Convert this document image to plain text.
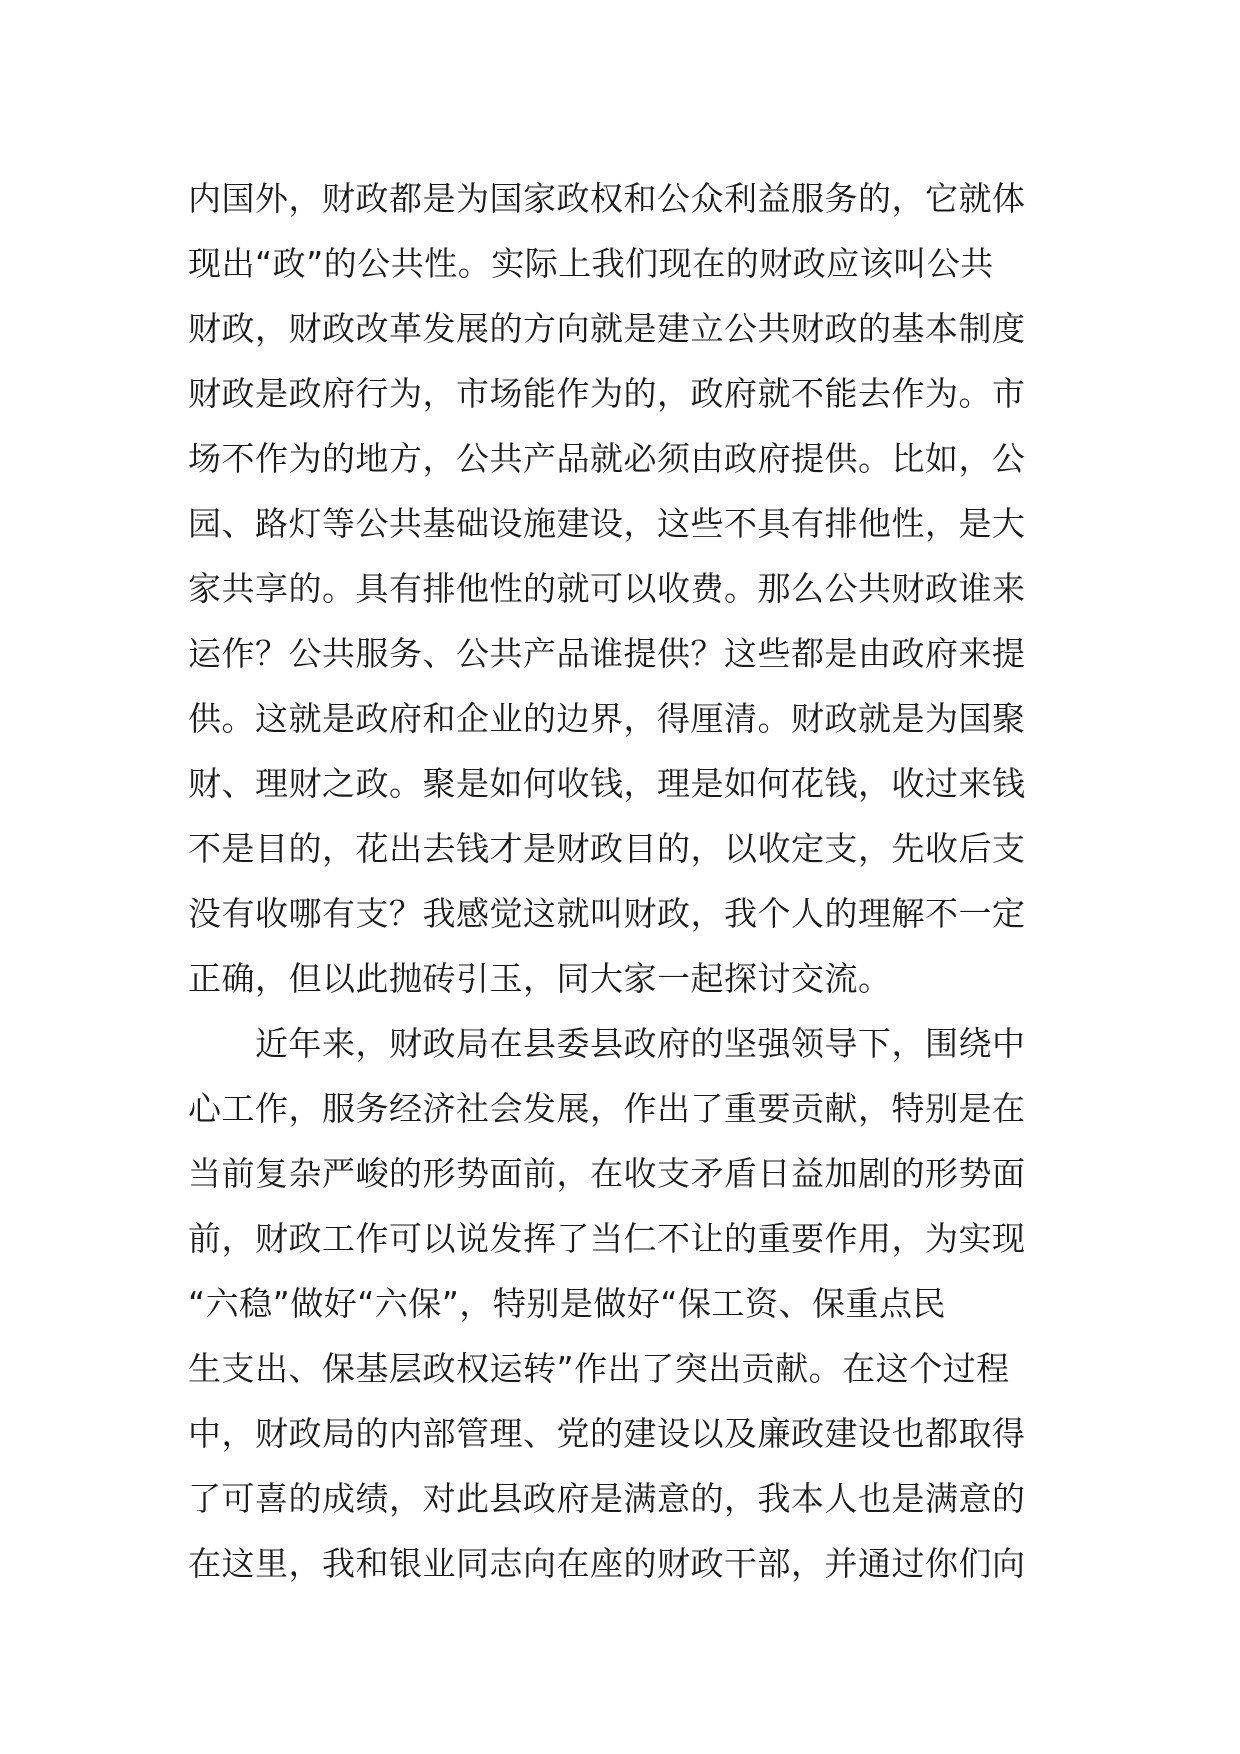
内国外，财政都是为国家政权和公众利益服务的，它就体
现出“政”的公共性。实际上我们现在的财政应该叫公共
财政，财政改革发展的方向就是建立公共财政的基本制度
财政是政府行为，市场能作为的，政府就不能去作为。市
场不作为的地方，公共产品就必须由政府提供。比如，公
园、路灯等公共基础设施建设，这些不具有排他性，是大
家共享的。具有排他性的就可以收费。那么公共财政谁来
运作？公共服务、公共产品谁提供？这些都是由政府来提
供。这就是政府和企业的边界，得厘清。财政就是为国聚
财、理财之政。聚是如何收钱，理是如何花钱，收过来钱
不是目的，花出去钱才是财政目的，以收定支，先收后支
没有收哪有支？我感觉这就叫财政，我个人的理解不一定
正确，但以此抛砖引玉，同大家一起探讨交流。
　　近年来，财政局在县委县政府的坚强领导下，围绕中
心工作，服务经济社会发展，作出了重要贡献，特别是在
当前复杂严峻的形势面前，在收支矛盾日益加剧的形势面
前，财政工作可以说发挥了当仁不让的重要作用，为实现
“六稳”做好“六保”，特别是做好“保工资、保重点民
生支出、保基层政权运转”作出了突出贡献。在这个过程
中，财政局的内部管理、党的建设以及廉政建设也都取得
了可喜的成绩，对此县政府是满意的，我本人也是满意的
在这里，我和银业同志向在座的财政干部，并通过你们向
